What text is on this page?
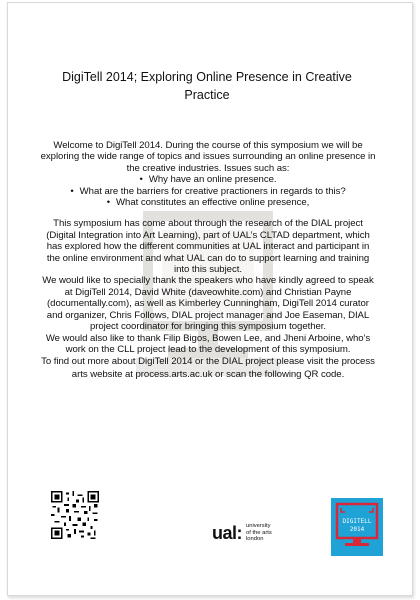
DigiTell 2014; Exploring Online Presence in Creative Practice

Welcome to DigiTell 2014. During the course of this symposium we will be exploring the wide range of topics and issues surrounding an online presence in the creative industries. Issues such as:

• Why have an online presence.
• What are the barriers for creative practioners in regards to this?
• What constitutes an effective online presence,

This symposium has come about through the research of the DIAL project (Digital Integration into Art Learning), part of UAL’s CLTAD department, which has explored how the different communities at UAL interact and participant in the online environment and what UAL can do to support learning and training into this subject.

We would like to specially thank the speakers who have kindly agreed to speak at DigiTell 2014, David White (daveowhite.com) and Christian Payne (documentally.com), as well as Kimberley Cunningham, DigiTell 2014 curator and organizer, Chris Follows, DIAL project manager and Joe Easeman, DIAL project coordinator for bringing this symposium together.

We would also like to thank Filip Bigos, Bowen Lee, and Jheni Arboine, who’s work on the CLL project lead to the development of this symposium.

To find out more about DigiTell 2014 or the DIAL project please visit the process arts website at process.arts.ac.uk or scan the following QR code.

ual: university
of the arts
london
DIGITELL
2014
